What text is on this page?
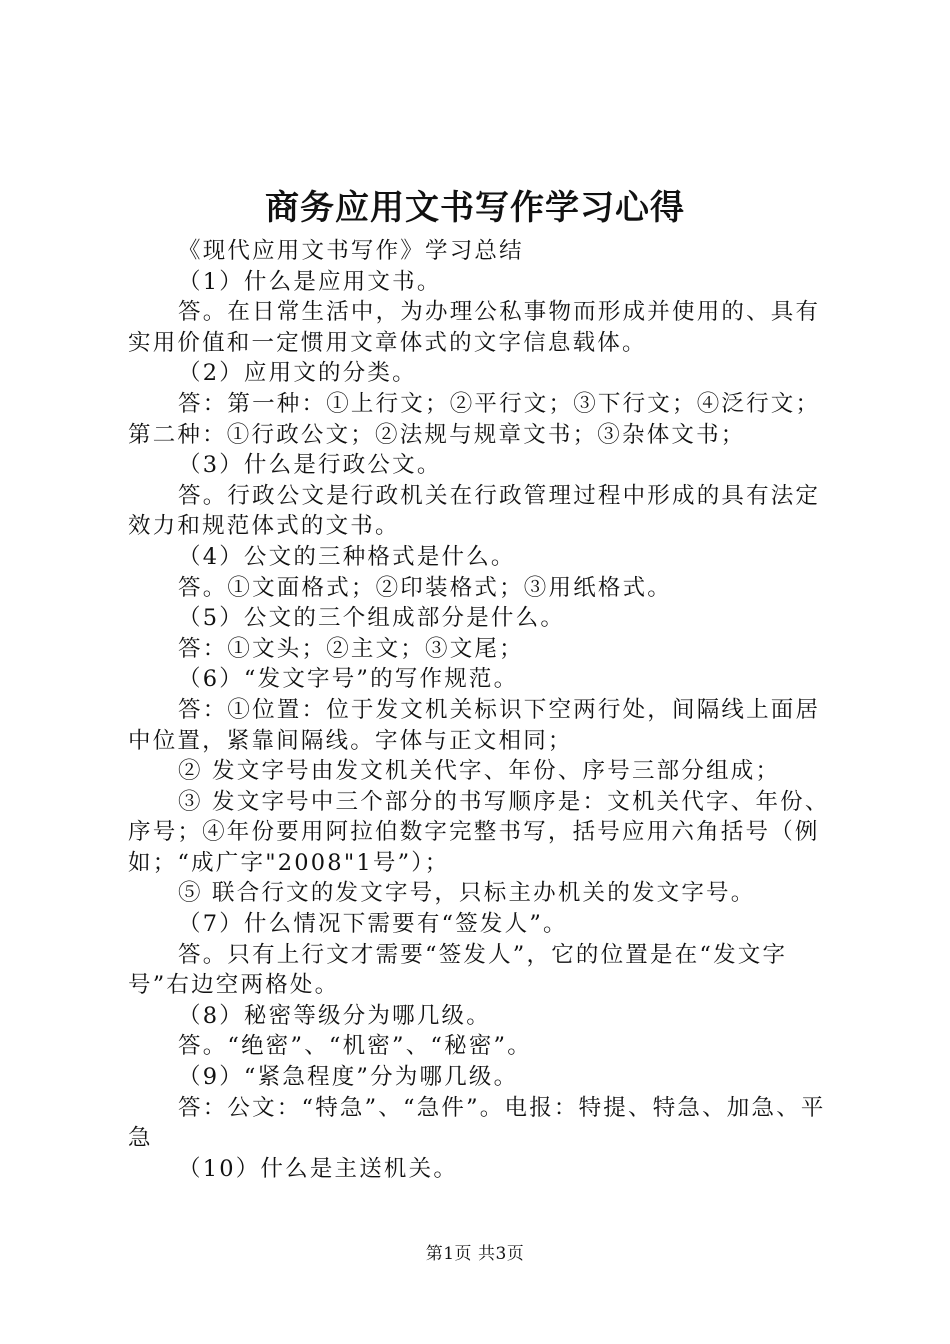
商务应用文书写作学习心得

《现代应用文书写作》学习总结

（1）什么是应用文书。

答。在日常生活中，为办理公私事物而形成并使用的、具有实用价值和一定惯用文章体式的文字信息载体。

（2）应用文的分类。

答：第一种：①上行文；②平行文；③下行文；④泛行文；第二种：①行政公文；②法规与规章文书；③杂体文书；

（3）什么是行政公文。

答。行政公文是行政机关在行政管理过程中形成的具有法定效力和规范体式的文书。

（4）公文的三种格式是什么。

答。①文面格式；②印装格式；③用纸格式。

（5）公文的三个组成部分是什么。

答：①文头；②主文；③文尾；

（6）“发文字号”的写作规范。

答：①位置：位于发文机关标识下空两行处，间隔线上面居中位置，紧靠间隔线。字体与正文相同；

② 发文字号由发文机关代字、年份、序号三部分组成；

③ 发文字号中三个部分的书写顺序是：文机关代字、年份、序号；④年份要用阿拉伯数字完整书写，括号应用六角括号（例如；“成广字"2008"1号”）；

⑤ 联合行文的发文字号，只标主办机关的发文字号。

（7）什么情况下需要有“签发人”。

答。只有上行文才需要“签发人”，它的位置是在“发文字号”右边空两格处。

（8）秘密等级分为哪几级。

答。“绝密”、“机密”、“秘密”。

（9）“紧急程度”分为哪几级。

答：公文：“特急”、“急件”。电报：特提、特急、加急、平急

（10）什么是主送机关。

第1页 共3页
